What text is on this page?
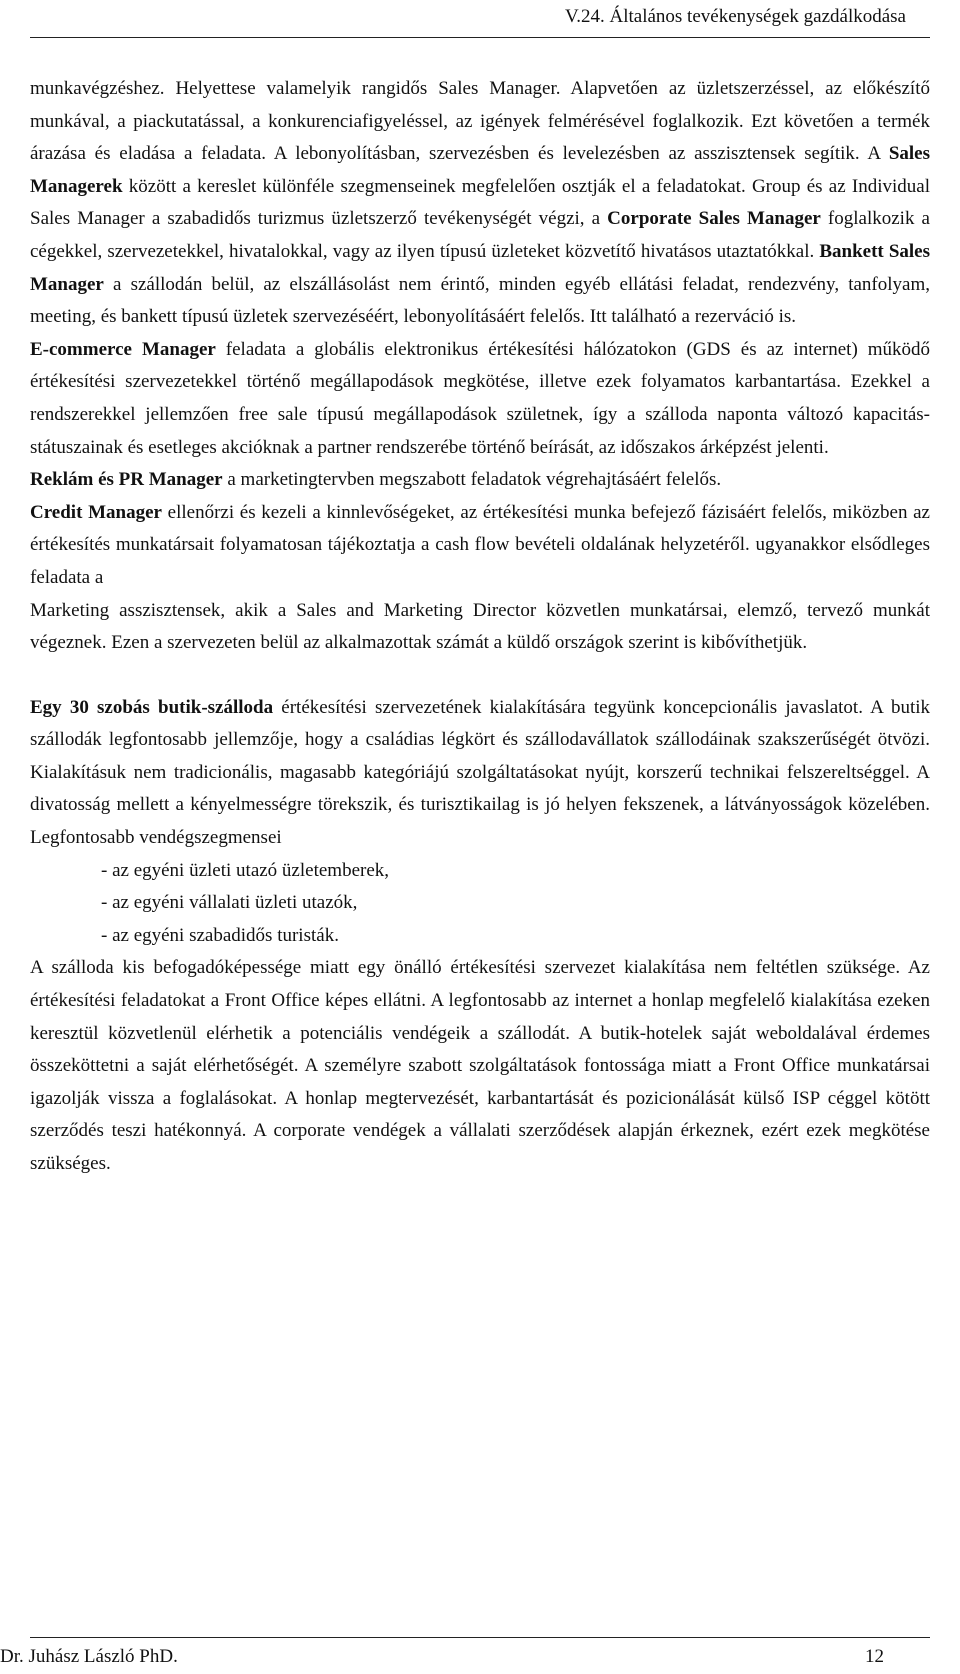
V.24. Általános tevékenységek gazdálkodása

munkavégzéshez. Helyettese valamelyik rangidős Sales Manager. Alapvetően az üzletszerzéssel, az előkészítő munkával, a piackutatással, a konkurenciafigyeléssel, az igények felmérésével foglalkozik. Ezt követően a termék árazása és eladása a feladata. A lebonyolításban, szervezésben és levelezésben az asszisztensek segítik. A Sales Managerek között a kereslet különféle szegmenseinek megfelelően osztják el a feladatokat. Group és az Individual Sales Manager a szabadidős turizmus üzletszerző tevékenységét végzi, a Corporate Sales Manager foglalkozik a cégekkel, szervezetekkel, hivatalokkal, vagy az ilyen típusú üzleteket közvetítő hivatásos utaztatókkal. Bankett Sales Manager a szállodán belül, az elszállásolást nem érintő, minden egyéb ellátási feladat, rendezvény, tanfolyam, meeting, és bankett típusú üzletek szervezéséért, lebonyolításáért felelős. Itt található a rezerváció is.

E-commerce Manager feladata a globális elektronikus értékesítési hálózatokon (GDS és az internet) működő értékesítési szervezetekkel történő megállapodások megkötése, illetve ezek folyamatos karbantartása. Ezekkel a rendszerekkel jellemzően free sale típusú megállapodások születnek, így a szálloda naponta változó kapacitás-státuszainak és esetleges akcióknak a partner rendszerébe történő beírását, az időszakos árképzést jelenti.

Reklám és PR Manager a marketingtervben megszabott feladatok végrehajtásáért felelős.

Credit Manager ellenőrzi és kezeli a kinnlevőségeket, az értékesítési munka befejező fázisáért felelős, miközben az értékesítés munkatársait folyamatosan tájékoztatja a cash flow bevételi oldalának helyzetéről. ugyanakkor elsődleges feladata a

Marketing asszisztensek, akik a Sales and Marketing Director közvetlen munkatársai, elemző, tervező munkát végeznek. Ezen a szervezeten belül az alkalmazottak számát a küldő országok szerint is kibővíthetjük.

Egy 30 szobás butik-szálloda értékesítési szervezetének kialakítására tegyünk koncepcionális javaslatot. A butik szállodák legfontosabb jellemzője, hogy a családias légkört és szállodavállatok szállodáinak szakszerűségét ötvözi. Kialakításuk nem tradicionális, magasabb kategóriájú szolgáltatásokat nyújt, korszerű technikai felszereltséggel. A divatosság mellett a kényelmességre törekszik, és turisztikailag is jó helyen fekszenek, a látványosságok közelében. Legfontosabb vendégszegmensei

- az egyéni üzleti utazó üzletemberek,
- az egyéni vállalati üzleti utazók,
- az egyéni szabadidős turisták.

A szálloda kis befogadóképessége miatt egy önálló értékesítési szervezet kialakítása nem feltétlen szüksége. Az értékesítési feladatokat a Front Office képes ellátni. A legfontosabb az internet a honlap megfelelő kialakítása ezeken keresztül közvetlenül elérhetik a potenciális vendégeik a szállodát. A butik-hotelek saját weboldalával érdemes összeköttetni a saját elérhetőségét. A személyre szabott szolgáltatások fontossága miatt a Front Office munkatársai igazolják vissza a foglalásokat. A honlap megtervezését, karbantartását és pozicionálását külső ISP céggel kötött szerződés teszi hatékonnyá. A corporate vendégek a vállalati szerződések alapján érkeznek, ezért ezek megkötése szükséges.

Dr. Juhász László PhD.	12
